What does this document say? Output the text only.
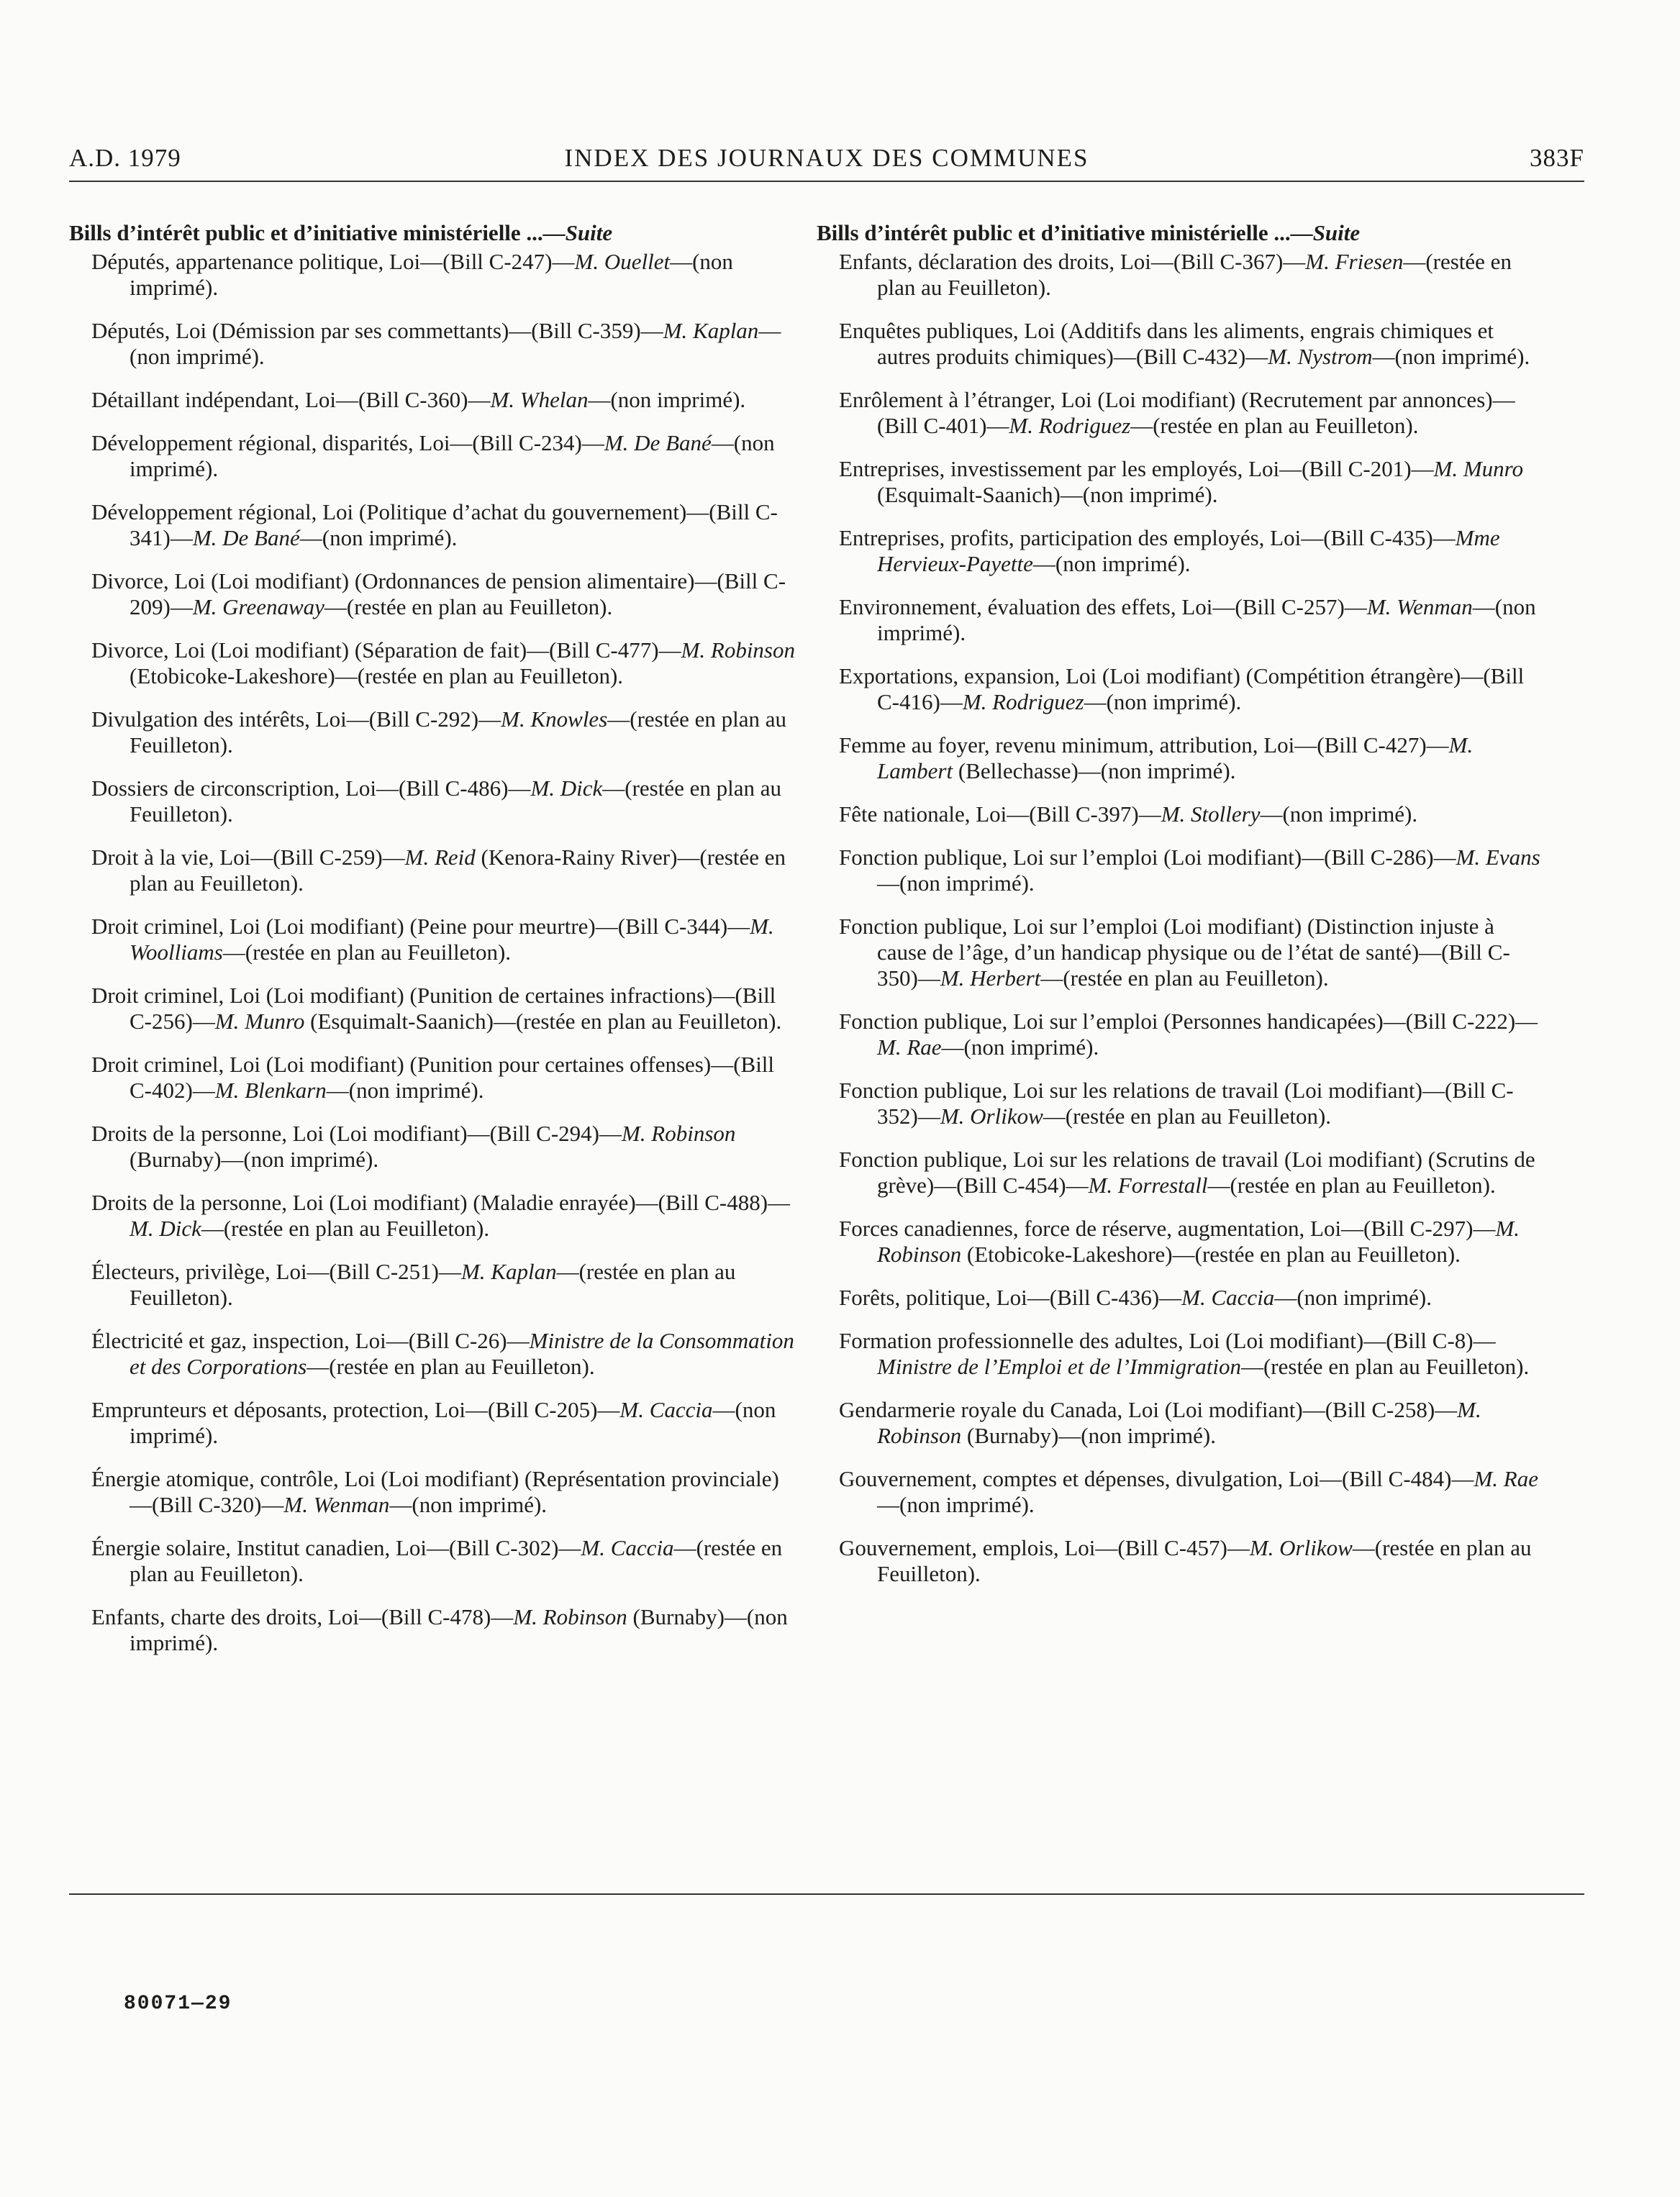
A.D. 1979	INDEX DES JOURNAUX DES COMMUNES	383F
Bills d’intérêt public et d’initiative ministérielle ...—Suite
Députés, appartenance politique, Loi—(Bill C-247)—M. Ouellet—(non imprimé).
Députés, Loi (Démission par ses commettants)—(Bill C-359)—M. Kaplan—(non imprimé).
Détaillant indépendant, Loi—(Bill C-360)—M. Whelan—(non imprimé).
Développement régional, disparités, Loi—(Bill C-234)—M. De Bané—(non imprimé).
Développement régional, Loi (Politique d’achat du gouvernement)—(Bill C-341)—M. De Bané—(non imprimé).
Divorce, Loi (Loi modifiant) (Ordonnances de pension alimentaire)—(Bill C-209)—M. Greenaway—(restée en plan au Feuilleton).
Divorce, Loi (Loi modifiant) (Séparation de fait)—(Bill C-477)—M. Robinson (Etobicoke-Lakeshore)—(restée en plan au Feuilleton).
Divulgation des intérêts, Loi—(Bill C-292)—M. Knowles—(restée en plan au Feuilleton).
Dossiers de circonscription, Loi—(Bill C-486)—M. Dick—(restée en plan au Feuilleton).
Droit à la vie, Loi—(Bill C-259)—M. Reid (Kenora-Rainy River)—(restée en plan au Feuilleton).
Droit criminel, Loi (Loi modifiant) (Peine pour meurtre)—(Bill C-344)—M. Woolliams—(restée en plan au Feuilleton).
Droit criminel, Loi (Loi modifiant) (Punition de certaines infractions)—(Bill C-256)—M. Munro (Esquimalt-Saanich)—(restée en plan au Feuilleton).
Droit criminel, Loi (Loi modifiant) (Punition pour certaines offenses)—(Bill C-402)—M. Blenkarn—(non imprimé).
Droits de la personne, Loi (Loi modifiant)—(Bill C-294)—M. Robinson (Burnaby)—(non imprimé).
Droits de la personne, Loi (Loi modifiant) (Maladie enrayée)—(Bill C-488)—M. Dick—(restée en plan au Feuilleton).
Électeurs, privilège, Loi—(Bill C-251)—M. Kaplan—(restée en plan au Feuilleton).
Électricité et gaz, inspection, Loi—(Bill C-26)—Ministre de la Consommation et des Corporations—(restée en plan au Feuilleton).
Emprunteurs et déposants, protection, Loi—(Bill C-205)—M. Caccia—(non imprimé).
Énergie atomique, contrôle, Loi (Loi modifiant) (Représentation provinciale)—(Bill C-320)—M. Wenman—(non imprimé).
Énergie solaire, Institut canadien, Loi—(Bill C-302)—M. Caccia—(restée en plan au Feuilleton).
Enfants, charte des droits, Loi—(Bill C-478)—M. Robinson (Burnaby)—(non imprimé).
Bills d’intérêt public et d’initiative ministérielle ...—Suite
Enfants, déclaration des droits, Loi—(Bill C-367)—M. Friesen—(restée en plan au Feuilleton).
Enquêtes publiques, Loi (Additifs dans les aliments, engrais chimiques et autres produits chimiques)—(Bill C-432)—M. Nystrom—(non imprimé).
Enrôlement à l’étranger, Loi (Loi modifiant) (Recrutement par annonces)—(Bill C-401)—M. Rodriguez—(restée en plan au Feuilleton).
Entreprises, investissement par les employés, Loi—(Bill C-201)—M. Munro (Esquimalt-Saanich)—(non imprimé).
Entreprises, profits, participation des employés, Loi—(Bill C-435)—Mme Hervieux-Payette—(non imprimé).
Environnement, évaluation des effets, Loi—(Bill C-257)—M. Wenman—(non imprimé).
Exportations, expansion, Loi (Loi modifiant) (Compétition étrangère)—(Bill C-416)—M. Rodriguez—(non imprimé).
Femme au foyer, revenu minimum, attribution, Loi—(Bill C-427)—M. Lambert (Bellechasse)—(non imprimé).
Fête nationale, Loi—(Bill C-397)—M. Stollery—(non imprimé).
Fonction publique, Loi sur l’emploi (Loi modifiant)—(Bill C-286)—M. Evans—(non imprimé).
Fonction publique, Loi sur l’emploi (Loi modifiant) (Distinction injuste à cause de l’âge, d’un handicap physique ou de l’état de santé)—(Bill C-350)—M. Herbert—(restée en plan au Feuilleton).
Fonction publique, Loi sur l’emploi (Personnes handicapées)—(Bill C-222)—M. Rae—(non imprimé).
Fonction publique, Loi sur les relations de travail (Loi modifiant)—(Bill C-352)—M. Orlikow—(restée en plan au Feuilleton).
Fonction publique, Loi sur les relations de travail (Loi modifiant) (Scrutins de grève)—(Bill C-454)—M. Forrestall—(restée en plan au Feuilleton).
Forces canadiennes, force de réserve, augmentation, Loi—(Bill C-297)—M. Robinson (Etobicoke-Lakeshore)—(restée en plan au Feuilleton).
Forêts, politique, Loi—(Bill C-436)—M. Caccia—(non imprimé).
Formation professionnelle des adultes, Loi (Loi modifiant)—(Bill C-8)—Ministre de l’Emploi et de l’Immigration—(restée en plan au Feuilleton).
Gendarmerie royale du Canada, Loi (Loi modifiant)—(Bill C-258)—M. Robinson (Burnaby)—(non imprimé).
Gouvernement, comptes et dépenses, divulgation, Loi—(Bill C-484)—M. Rae—(non imprimé).
Gouvernement, emplois, Loi—(Bill C-457)—M. Orlikow—(restée en plan au Feuilleton).
80071—29
